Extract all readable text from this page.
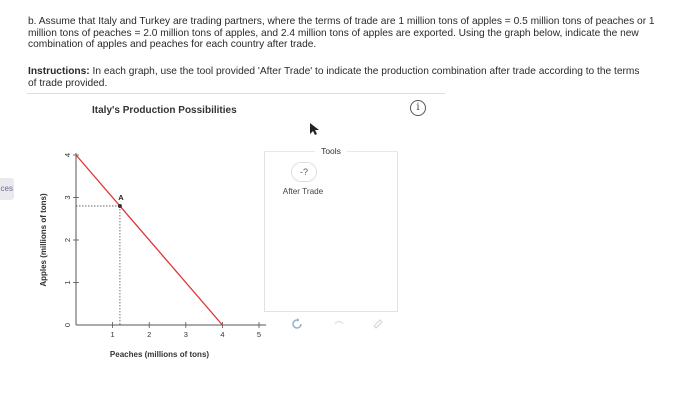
ces
b. Assume that Italy and Turkey are trading partners, where the terms of trade are 1 million tons of apples = 0.5 million tons of peaches or 1 million tons of peaches = 2.0 million tons of apples, and 2.4 million tons of apples are exported. Using the graph below, indicate the new combination of apples and peaches for each country after trade.
Instructions: In each graph, use the tool provided 'After Trade' to indicate the production combination after trade according to the terms of trade provided.
Italy's Production Possibilities	i
0
1
2
3
4
1	2	3	4	5
Apples (millions of tons)
Peaches (millions of tons)
A
Tools
-?
After Trade
